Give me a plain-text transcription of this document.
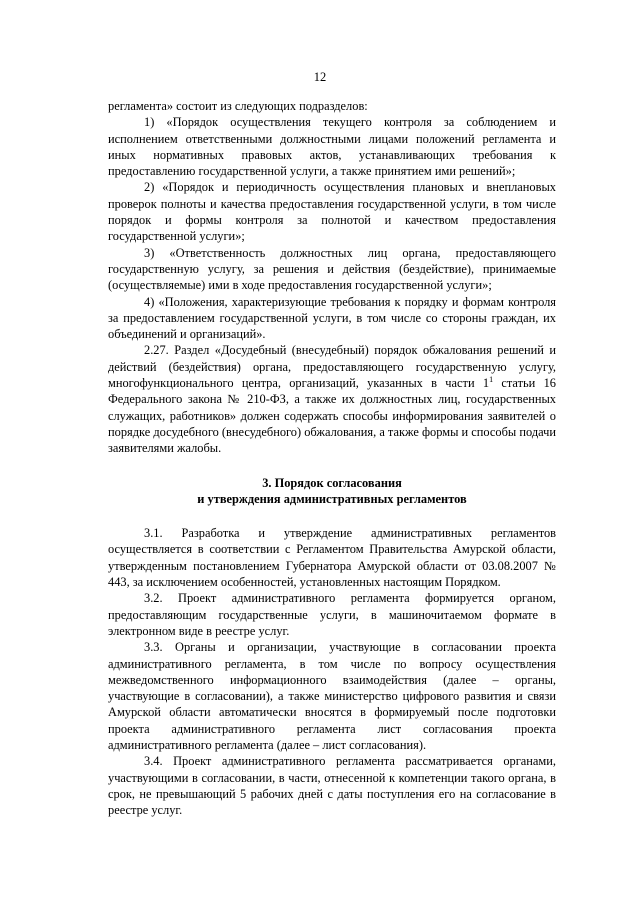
12

регламента» состоит из следующих подразделов:

1) «Порядок осуществления текущего контроля за соблюдением и исполнением ответственными должностными лицами положений регламента и иных нормативных правовых актов, устанавливающих требования к предоставлению государственной услуги, а также принятием ими решений»;

2) «Порядок и периодичность осуществления плановых и внеплановых проверок полноты и качества предоставления государственной услуги, в том числе порядок и формы контроля за полнотой и качеством предоставления государственной услуги»;

3) «Ответственность должностных лиц органа, предоставляющего государственную услугу, за решения и действия (бездействие), принимаемые (осуществляемые) ими в ходе предоставления государственной услуги»;

4) «Положения, характеризующие требования к порядку и формам контроля за предоставлением государственной услуги, в том числе со стороны граждан, их объединений и организаций».

2.27. Раздел «Досудебный (внесудебный) порядок обжалования решений и действий (бездействия) органа, предоставляющего государственную услугу, многофункционального центра, организаций, указанных в части $1^1$ статьи 16 Федерального закона № 210-ФЗ, а также их должностных лиц, государственных служащих, работников» должен содержать способы информирования заявителей о порядке досудебного (внесудебного) обжалования, а также формы и способы подачи заявителями жалобы.

3. Порядок согласования
и утверждения административных регламентов

3.1. Разработка и утверждение административных регламентов осуществляется в соответствии с Регламентом Правительства Амурской области, утвержденным постановлением Губернатора Амурской области от 03.08.2007 № 443, за исключением особенностей, установленных настоящим Порядком.

3.2. Проект административного регламента формируется органом, предоставляющим государственные услуги, в машиночитаемом формате в электронном виде в реестре услуг.

3.3. Органы и организации, участвующие в согласовании проекта административного регламента, в том числе по вопросу осуществления межведомственного информационного взаимодействия (далее – органы, участвующие в согласовании), а также министерство цифрового развития и связи Амурской области автоматически вносятся в формируемый после подготовки проекта административного регламента лист согласования проекта административного регламента (далее – лист согласования).

3.4. Проект административного регламента рассматривается органами, участвующими в согласовании, в части, отнесенной к компетенции такого органа, в срок, не превышающий 5 рабочих дней с даты поступления его на согласование в реестре услуг.
